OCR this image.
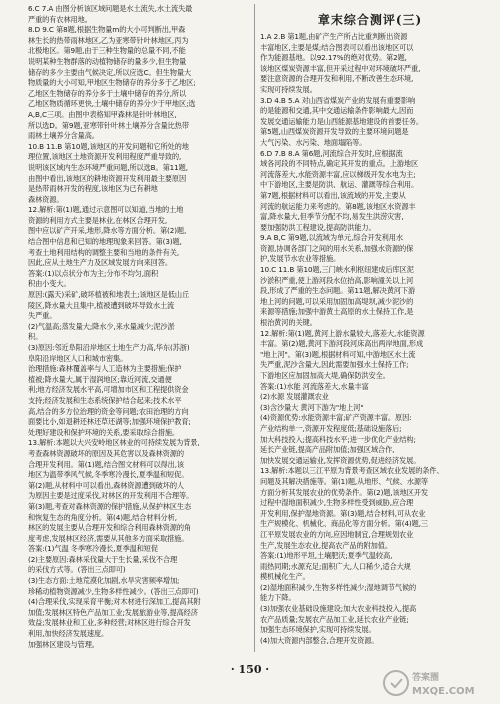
6.C 7.A 由图分析该区域问题是水土流失,水土流失最
严重的有农林用地。
8.D 9.C 第8题,根据生物量m的大小可判断出,甲森
林生长的热带雨林地区,乙为亚寒带针叶林地区,丙为
北极地区。第9题,由于三种生物量的总量不同,不能
说明某种生物群落的动植物储存的量多少,但生物量
储存的多少主要由气候决定,所以应选C。但生物量大
物质量的大小可知,甲地区生物储存的养分多于乙地区;
乙地区生物储存的养分多于土壤中储存的养分,所以
乙地区物质循环更快,土壤中储存的养分少于甲地区;选
A,B,C三项。由图中表格知甲森林是针叶林地区,
所以选D。第9题,亚寒带针叶林土壤养分含量比热带
雨林土壤养分含量高。
10.B 11.B 第10题,该地区的开发问题和它所处的地
理位置,该地区土地资源开发利用程度严重导致的,
说明该区域内生态环境严重问题,所以选B。第11题,
由图中看出,该地区的耕地资源开发利用最主要原因
是热带雨林开发的程度,该地区为已有耕地
森林资源。
12.解析:第(1)题,通过示意图可以知道,当地的土地
资源的利用方式主要是林业,在林区合理开发,
图中应以矿产开采,地形,降水等方面分析。第(2)题,
结合图中信息和已知的地理现象来回答。第(3)题,
考查土地利用结构的调整主要和当地的条件有关,
因此,应从土地生产力及区域发展方向来回答。
答案:(1)以点状分布为主;分布不均匀,面积
积由小变大。
原因:(露天)采矿,破坏植被和地表土;该地区是低山丘
陵区,降水量大且集中,植被遭到破坏导致水土流
失严重。
(2)气温高;蒸发量大;降水少,来水量减少;泥沙淤
积。
(3)原因:邻近阜阳沿岸地区土地生产力高,华东(苏浙)
阜阳沿岸地区人口和城市密集。
治理措施:森林覆盖率与人工造林为主要措施;保护
植被;降水量大,属于湿润地区;靠近河流,交通便
利;地方经济发展水平高,可增加市区和工程提供资金
支持;经济发展和生态系统保护结合起来;技术水平
高,结合的多方位治理的资金等问题;农田治理的方向
面要比小,如退耕还林还草还湖等;加强环境保护教育;
处理好建设和保护环境的关系,要采取综合措施。
13.解析:本题以大兴安岭地区林业的可持续发展为背景,
考查森林资源破坏的原因及其危害以及森林资源的
合理开发利用。第(1)题,结合图文材料可以得出,该
地区为温带季风气候,冬季寒冷漫长,夏季温和短促。
第(2)题,从材料中可以看出,森林资源遭到破坏的人
为原因主要是过度采伐,对林区的开发利用不合理等。
第(3)题,考查对森林资源的保护措施,从保护林区生态
和恢复生态的角度分析。第(4)题,结合材料分析,
林区的发展主要从合理开发和综合利用森林资源的角
度考虑,发展林区经济,需要从其他多方面采取措施。
答案:(1)气温 冬季寒冷漫长,夏季温和短促
(2)主要原因:森林采伐量大于生长量,采伐不合理
的采伐方式等。(答出三点即可)
(3)生态方面:土地荒漠化加剧,水旱灾害频率增加;
珍稀动植物资源减少,生物多样性减少。(答出三点即可)
(4)合理采伐,实现采育平衡;对木材进行深加工,提高其附
加值;发展林区特色产品加工业;发展旅游业等,提高经济
效益;发展林业和工业,多种经营;对林区进行综合开发
利用,加快经济发展速度。
加强林区建设与管理。
章末综合测评(三)
1.A 2.B 第1题,由矿产生产所占比重判断出资源
丰富地区,主要是煤;结合图表可以看出该地区可以
作为能源基地。以92.17%的绝对优势。第2题,
该地区煤炭资源丰富,但开采过程中对环境破坏严重,
要注意资源的合理开发和利用,不断改善生态环境,
实现可持续发展。
3.D 4.B 5.A 对山西省煤炭产业的发展有重要影响
的是能源和交通,其中交通运输条件影响最大,因而
发展交通运输能力是山西能源基地建设的首要任务。
第5题,山西煤炭资源开发导致的主要环境问题是
大气污染、水污染、地面塌陷等。
6.D 7.B 8.A 第6题,河流综合开发时,应根据流
域各河段的不同特点,确定其开发的重点。上游地区
河流落差大,水能资源丰富,应以梯级开发水电为主;
中下游地区,主要是防洪、航运、灌溉等综合利用。
第7题,根据材料可以看出,该流域的开发,主要从
河流的航运能力来考虑的。第8题,该地区水资源丰
富,降水量大,但季节分配不均,易发生洪涝灾害,
要加强防洪工程建设,提高防洪能力。
9.A B,C 第9题,以流域为单元,综合开发利用水
资源,协调各部门之间的用水关系,加强水资源的保
护,发展节水农业等措施。
10.C 11.B 第10题,三门峡水利枢纽建成后库区泥
沙淤积严重,使上游河段水位抬高,影响潼关以上河
段,形成了严重的生态问题。第11题,解决黄河下游
地上河的问题,可以采用加固加高堤坝,减少泥沙的
来源等措施;加强中游黄土高原的水土保持工作,是
根治黄河的关键。
12.解析:第(1)题,黄河上游水量较大,落差大,水能资源
丰富。第(2)题,黄河下游河段河床高出两岸地面,形成
"地上河"。第(3)题,根据材料可知,中游地区水土流
失严重,泥沙含量大,因此需要加强水土保持工作;
下游地区应加固加高大堤,确保防洪安全。
答案:(1)水能 河流落差大,水量丰富
(2)水源 发展灌溉农业
(3)含沙量大 黄河下游为"地上河"
(4)资源优势:水能资源丰富;矿产资源丰富。原因:
产业结构单一,资源开发程度低;基础设施落后;
加大科技投入;提高科技水平;进一步优化产业结构;
延长产业链,提高产品附加值;加强区域合作,
加快发展交通运输业,发挥资源优势,促进经济发展。
13.解析:本题以三江平原为背景考查区域农业发展的条件、
问题及其解决措施等。第(1)题,从地形、气候、水源等
方面分析其发展农业的优势条件。第(2)题,该地区开发
过程中湿地面积减少,生物多样性受到威胁,应合理
开发利用,保护湿地资源。第(3)题,结合材料,可从农业
生产规模化、机械化、商品化等方面分析。第(4)题,三
江平原发展农业的方向,应因地制宜,合理规划农业
生产,发展生态农业,提高农产品的附加值。
答案:(1)地形平坦,土壤肥沃;夏季气温较高,
雨热同期;水源充足;面积广大,人口稀少,适合大规
模机械化生产。
(2)湿地面积减少,生物多样性减少;湿地调节气候的
能力下降。
(3)加强农业基础设施建设;加大农业科技投入,提高
农产品质量;发展农产品加工业,延长农业产业链;
加强生态环境保护,实现可持续发展。
(4)加大资源内部整合,合理开发资源。
· 150 ·
答案圈
MXQE.COM
